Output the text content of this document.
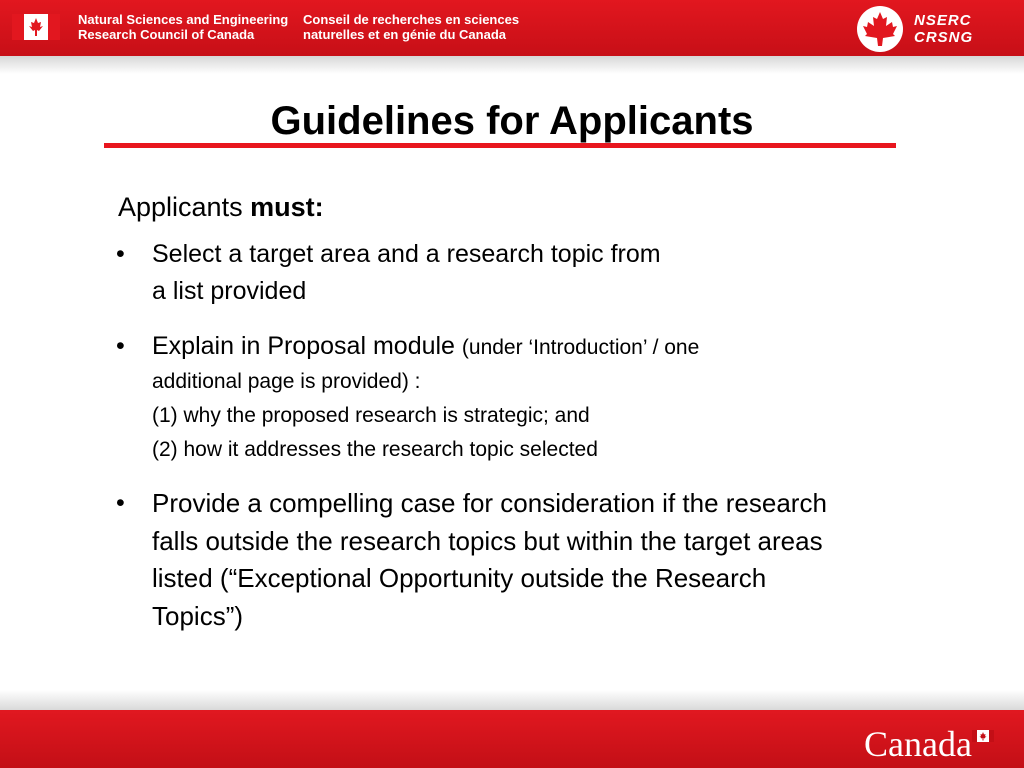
Natural Sciences and Engineering
Research Council of Canada
Conseil de recherches en sciences
naturelles et en génie du Canada
NSERC
CRSNG
Guidelines for Applicants

Applicants must:

• Select a target area and a research topic from
a list provided
• Explain in Proposal module (under ‘Introduction’ / one
additional page is provided) :
(1) why the proposed research is strategic; and
(2) how it addresses the research topic selected
• Provide a compelling case for consideration if the research
falls outside the research topics but within the target areas
listed (“Exceptional Opportunity outside the Research
Topics”)
Canada
